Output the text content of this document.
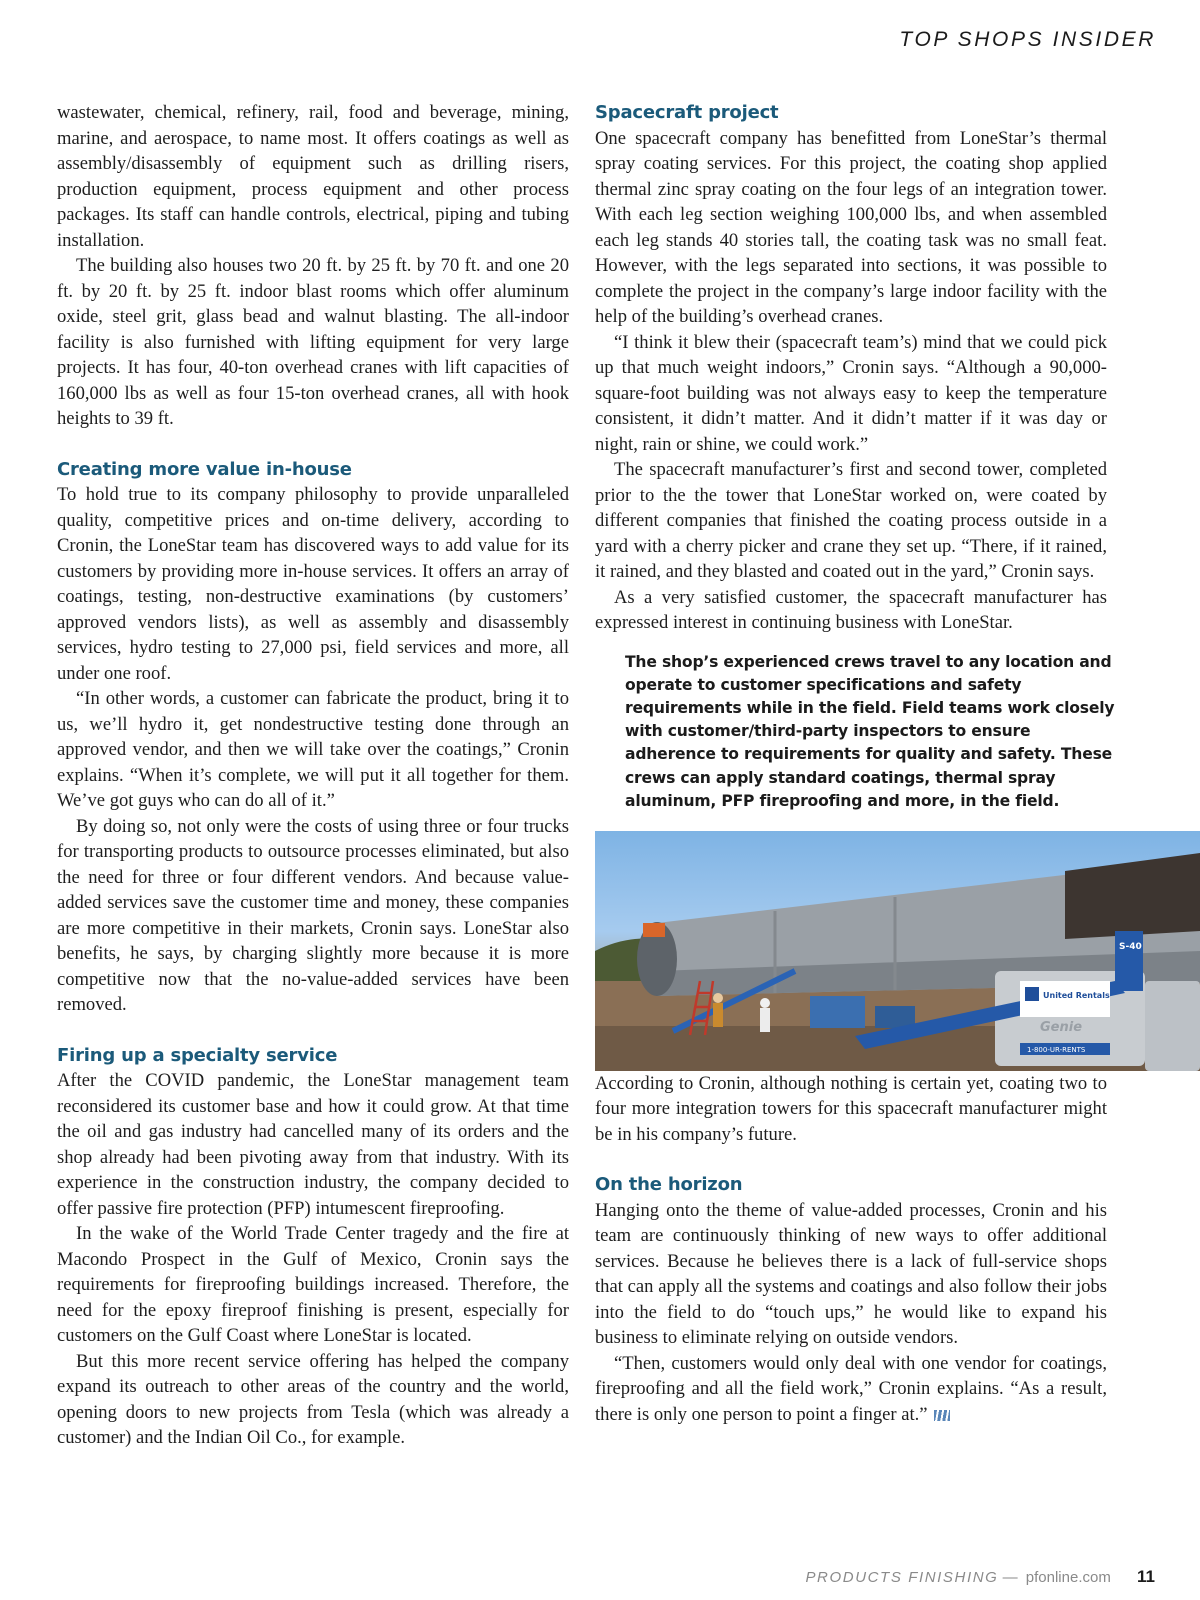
TOP SHOPS INSIDER

wastewater, chemical, refinery, rail, food and beverage, mining, marine, and aerospace, to name most. It offers coatings as well as assembly/disassembly of equipment such as drilling risers, production equipment, process equipment and other process packages. Its staff can handle controls, electrical, piping and tubing installation.

The building also houses two 20 ft. by 25 ft. by 70 ft. and one 20 ft. by 20 ft. by 25 ft. indoor blast rooms which offer aluminum oxide, steel grit, glass bead and walnut blasting. The all-indoor facility is also furnished with lifting equipment for very large projects. It has four, 40-ton overhead cranes with lift capacities of 160,000 lbs as well as four 15-ton overhead cranes, all with hook heights to 39 ft.

Creating more value in-house

To hold true to its company philosophy to provide unparalleled quality, competitive prices and on-time delivery, according to Cronin, the LoneStar team has discovered ways to add value for its customers by providing more in-house services. It offers an array of coatings, testing, non-destructive examinations (by customers’ approved vendors lists), as well as assembly and disassembly services, hydro testing to 27,000 psi, field services and more, all under one roof.

“In other words, a customer can fabricate the product, bring it to us, we’ll hydro it, get nondestructive testing done through an approved vendor, and then we will take over the coatings,” Cronin explains. “When it’s complete, we will put it all together for them. We’ve got guys who can do all of it.”

By doing so, not only were the costs of using three or four trucks for transporting products to outsource processes eliminated, but also the need for three or four different vendors. And because value-added services save the customer time and money, these companies are more competitive in their markets, Cronin says. LoneStar also benefits, he says, by charging slightly more because it is more competitive now that the no-value-added services have been removed.

Firing up a specialty service

After the COVID pandemic, the LoneStar management team reconsidered its customer base and how it could grow. At that time the oil and gas industry had cancelled many of its orders and the shop already had been pivoting away from that industry. With its experience in the construction industry, the company decided to offer passive fire protection (PFP) intumescent fireproofing.

In the wake of the World Trade Center tragedy and the fire at Macondo Prospect in the Gulf of Mexico, Cronin says the requirements for fireproofing buildings increased. Therefore, the need for the epoxy fireproof finishing is present, especially for customers on the Gulf Coast where LoneStar is located.

But this more recent service offering has helped the company expand its outreach to other areas of the country and the world, opening doors to new projects from Tesla (which was already a customer) and the Indian Oil Co., for example.

Spacecraft project

One spacecraft company has benefitted from LoneStar’s thermal spray coating services. For this project, the coating shop applied thermal zinc spray coating on the four legs of an integration tower. With each leg section weighing 100,000 lbs, and when assembled each leg stands 40 stories tall, the coating task was no small feat. However, with the legs separated into sections, it was possible to complete the project in the company’s large indoor facility with the help of the building’s overhead cranes.

“I think it blew their (spacecraft team’s) mind that we could pick up that much weight indoors,” Cronin says. “Although a 90,000-square-foot building was not always easy to keep the temperature consistent, it didn’t matter. And it didn’t matter if it was day or night, rain or shine, we could work.”

The spacecraft manufacturer’s first and second tower, completed prior to the the tower that LoneStar worked on, were coated by different companies that finished the coating process outside in a yard with a cherry picker and crane they set up. “There, if it rained, it rained, and they blasted and coated out in the yard,” Cronin says.

As a very satisfied customer, the spacecraft manufacturer has expressed interest in continuing business with LoneStar.

The shop’s experienced crews travel to any location and operate to customer specifications and safety requirements while in the field. Field teams work closely with customer/third-party inspectors to ensure adherence to requirements for quality and safety. These crews can apply standard coatings, thermal spray aluminum, PFP fireproofing and more, in the field.
United Rentals
Genie
1-800-UR-RENTS
S-40

According to Cronin, although nothing is certain yet, coating two to four more integration towers for this spacecraft manufacturer might be in his company’s future.

On the horizon

Hanging onto the theme of value-added processes, Cronin and his team are continuously thinking of new ways to offer additional services. Because he believes there is a lack of full-service shops that can apply all the systems and coatings and also follow their jobs into the field to do “touch ups,” he would like to expand his business to eliminate relying on outside vendors.

“Then, customers would only deal with one vendor for coatings, fireproofing and all the field work,” Cronin explains. “As a result, there is only one person to point a finger at.”

PRODUCTS FINISHING — pfonline.com 11
